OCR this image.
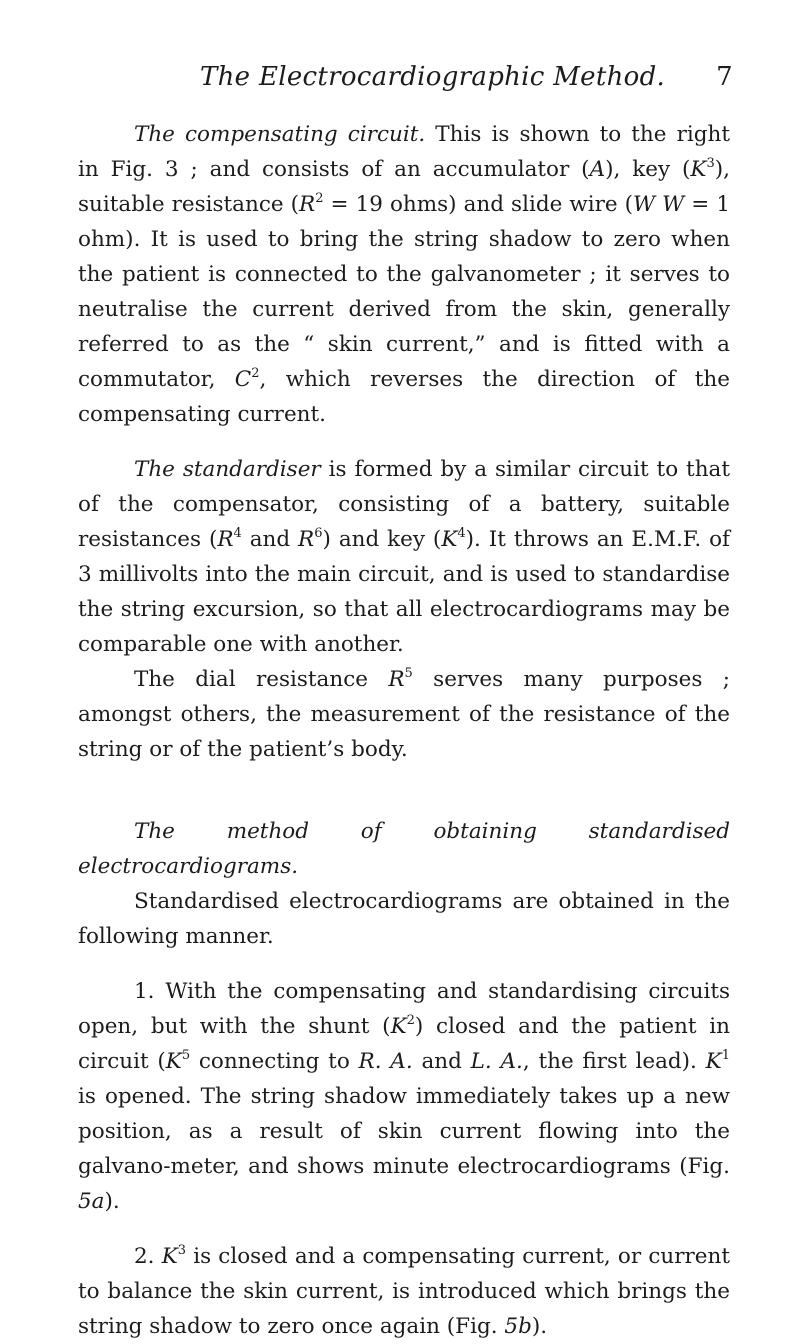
The Electrocardiographic Method. 7

The compensating circuit. This is shown to the right in Fig. 3 ; and consists of an accumulator (A), key $(K^3)$, suitable resistance ($R^2 = 19$ ohms) and slide wire (W W = 1 ohm). It is used to bring the string shadow to zero when the patient is connected to the galvanometer ; it serves to neutralise the current derived from the skin, generally referred to as the “ skin current,” and is fitted with a commutator, $C^2$, which reverses the direction of the compensating current.

The standardiser is formed by a similar circuit to that of the compensator, consisting of a battery, suitable resistances ($R^4$ and $R^6$) and key $(K^4)$. It throws an E.M.F. of 3 millivolts into the main circuit, and is used to standardise the string excursion, so that all electrocardiograms may be comparable one with another.

The dial resistance $R^5$ serves many purposes ; amongst others, the measurement of the resistance of the string or of the patient’s body.

The method of obtaining standardised electrocardiograms.

Standardised electrocardiograms are obtained in the following manner.

1. With the compensating and standardising circuits open, but with the shunt $(K^2)$ closed and the patient in circuit ($K^5$ connecting to R. A. and L. A., the first lead). $K^1$ is opened. The string shadow immediately takes up a new position, as a result of skin current flowing into the galvano-meter, and shows minute electrocardiograms (Fig. 5a).

2. $K^3$ is closed and a compensating current, or current to balance the skin current, is introduced which brings the string shadow to zero once again (Fig. 5b).
